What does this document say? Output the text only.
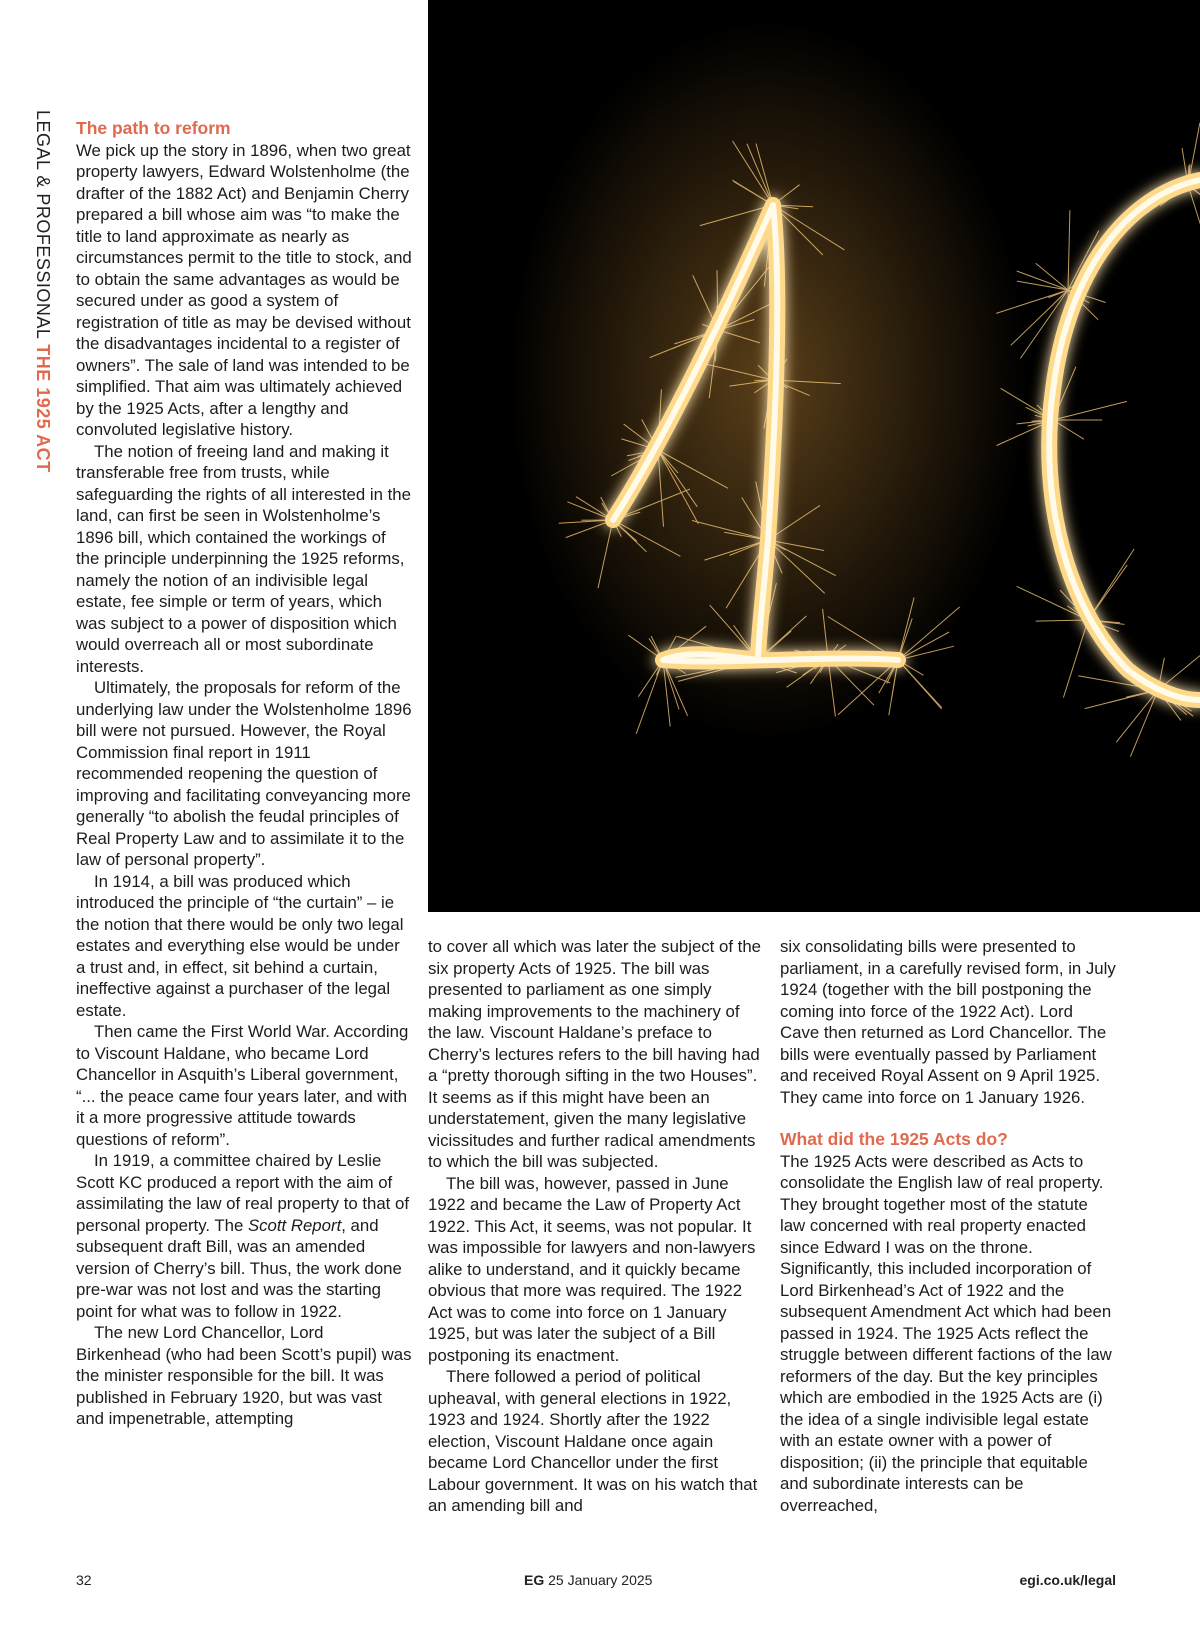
LEGAL & PROFESSIONAL THE 1925 ACT
The path to reform

We pick up the story in 1896, when two great property lawyers, Edward Wolstenholme (the drafter of the 1882 Act) and Benjamin Cherry prepared a bill whose aim was “to make the title to land approximate as nearly as circumstances permit to the title to stock, and to obtain the same advantages as would be secured under as good a system of registration of title as may be devised without the disadvantages incidental to a register of owners”. The sale of land was intended to be simplified. That aim was ultimately achieved by the 1925 Acts, after a lengthy and convoluted legislative history.

The notion of freeing land and making it transferable free from trusts, while safeguarding the rights of all interested in the land, can first be seen in Wolstenholme’s 1896 bill, which contained the workings of the principle underpinning the 1925 reforms, namely the notion of an indivisible legal estate, fee simple or term of years, which was subject to a power of disposition which would overreach all or most subordinate interests.

Ultimately, the proposals for reform of the underlying law under the Wolstenholme 1896 bill were not pursued. However, the Royal Commission final report in 1911 recommended reopening the question of improving and facilitating conveyancing more generally “to abolish the feudal principles of Real Property Law and to assimilate it to the law of personal property”.

In 1914, a bill was produced which introduced the principle of “the curtain” – ie the notion that there would be only two legal estates and everything else would be under a trust and, in effect, sit behind a curtain, ineffective against a purchaser of the legal estate.

Then came the First World War. According to Viscount Haldane, who became Lord Chancellor in Asquith’s Liberal government, “... the peace came four years later, and with it a more progressive attitude towards questions of reform”.

In 1919, a committee chaired by Leslie Scott KC produced a report with the aim of assimilating the law of real property to that of personal property. The Scott Report, and subsequent draft Bill, was an amended version of Cherry’s bill. Thus, the work done pre-war was not lost and was the starting point for what was to follow in 1922.

The new Lord Chancellor, Lord Birkenhead (who had been Scott’s pupil) was the minister responsible for the bill. It was published in February 1920, but was vast and impenetrable, attempting

to cover all which was later the subject of the six property Acts of 1925. The bill was presented to parliament as one simply making improvements to the machinery of the law. Viscount Haldane’s preface to Cherry’s lectures refers to the bill having had a “pretty thorough sifting in the two Houses”. It seems as if this might have been an understatement, given the many legislative vicissitudes and further radical amendments to which the bill was subjected.

The bill was, however, passed in June 1922 and became the Law of Property Act 1922. This Act, it seems, was not popular. It was impossible for lawyers and non-lawyers alike to understand, and it quickly became obvious that more was required. The 1922 Act was to come into force on 1 January 1925, but was later the subject of a Bill postponing its enactment.

There followed a period of political upheaval, with general elections in 1922, 1923 and 1924. Shortly after the 1922 election, Viscount Haldane once again became Lord Chancellor under the first Labour government. It was on his watch that an amending bill and

six consolidating bills were presented to parliament, in a carefully revised form, in July 1924 (together with the bill postponing the coming into force of the 1922 Act). Lord Cave then returned as Lord Chancellor. The bills were eventually passed by Parliament and received Royal Assent on 9 April 1925. They came into force on 1 January 1926.

What did the 1925 Acts do?

The 1925 Acts were described as Acts to consolidate the English law of real property. They brought together most of the statute law concerned with real property enacted since Edward I was on the throne. Significantly, this included incorporation of Lord Birkenhead’s Act of 1922 and the subsequent Amendment Act which had been passed in 1924. The 1925 Acts reflect the struggle between different factions of the law reformers of the day. But the key principles which are embodied in the 1925 Acts are (i) the idea of a single indivisible legal estate with an estate owner with a power of disposition; (ii) the principle that equitable and subordinate interests can be overreached,

32	EG 25 January 2025	egi.co.uk/legal
